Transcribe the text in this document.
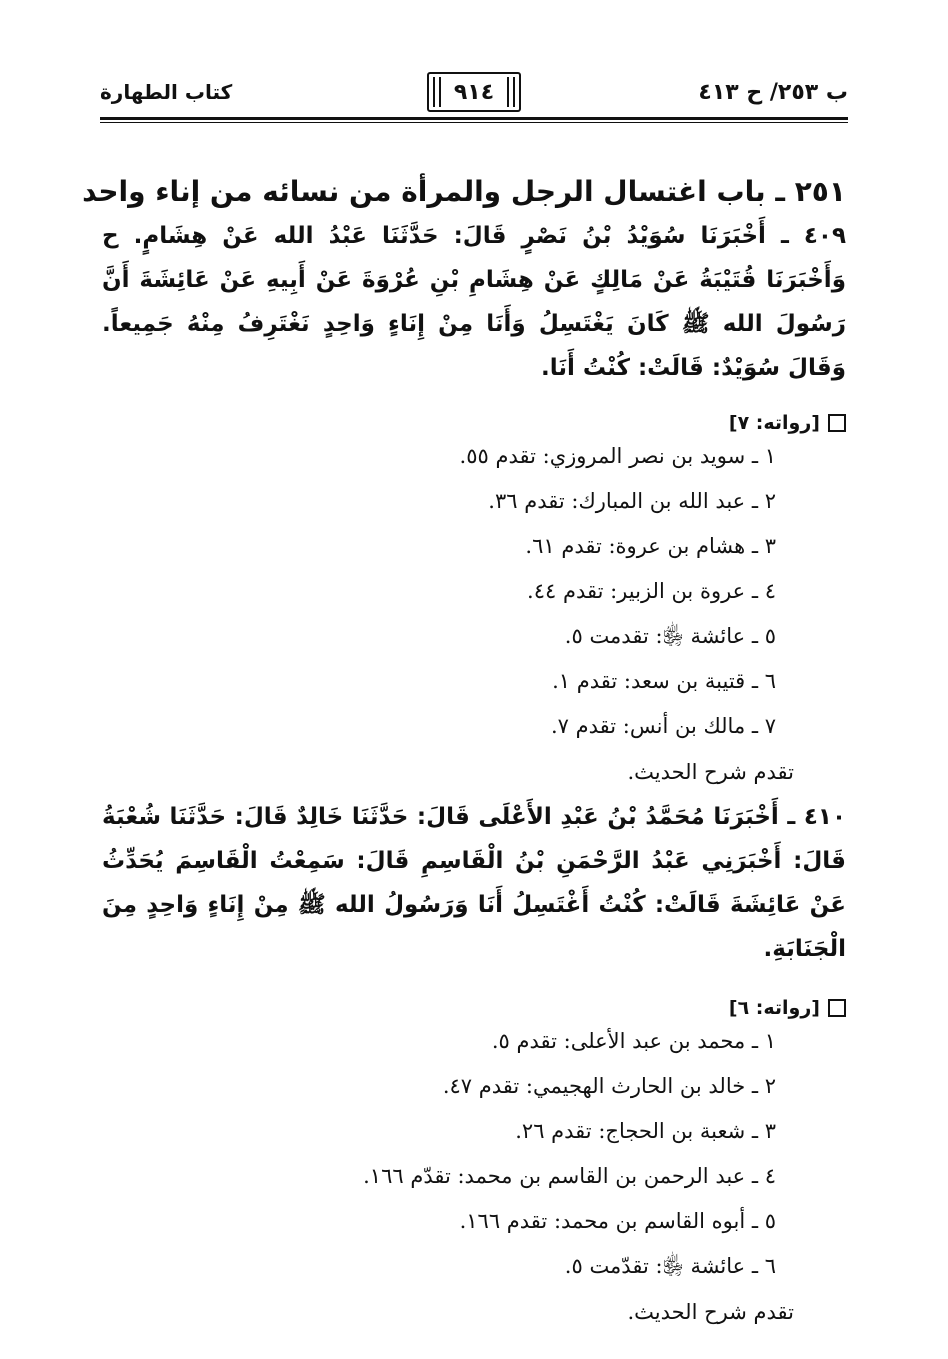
ب ٢٥٣/ ح ٤١٣
٩١٤
كتاب الطهارة
٢٥١ ـ باب اغتسال الرجل والمرأة من نسائه من إناء واحد
٤٠٩ ـ أَخْبَرَنَا سُوَيْدُ بْنُ نَصْرٍ قَالَ: حَدَّثَنَا عَبْدُ الله عَنْ هِشَامٍ. ح وَأَخْبَرَنَا قُتَيْبَةُ عَنْ مَالِكٍ عَنْ هِشَامِ بْنِ عُرْوَةَ عَنْ أَبِيهِ عَنْ عَائِشَةَ أَنَّ رَسُولَ الله ﷺ كَانَ يَغْتَسِلُ وَأَنَا مِنْ إِنَاءٍ وَاحِدٍ نَغْتَرِفُ مِنْهُ جَمِيعاً. وَقَالَ سُوَيْدٌ: قَالَتْ: كُنْتُ أَنَا.
[رواته: ٧]
١ ـ سويد بن نصر المروزي: تقدم ٥٥.
٢ ـ عبد الله بن المبارك: تقدم ٣٦.
٣ ـ هشام بن عروة: تقدم ٦١.
٤ ـ عروة بن الزبير: تقدم ٤٤.
٥ ـ عائشة ﵂: تقدمت ٥.
٦ ـ قتيبة بن سعد: تقدم ١.
٧ ـ مالك بن أنس: تقدم ٧.
تقدم شرح الحديث.
٤١٠ ـ أَخْبَرَنَا مُحَمَّدُ بْنُ عَبْدِ الأَعْلَى قَالَ: حَدَّثَنَا خَالِدٌ قَالَ: حَدَّثَنَا شُعْبَةُ قَالَ: أَخْبَرَنِي عَبْدُ الرَّحْمَنِ بْنُ الْقَاسِمِ قَالَ: سَمِعْتُ الْقَاسِمَ يُحَدِّثُ عَنْ عَائِشَةَ قَالَتْ: كُنْتُ أَغْتَسِلُ أَنَا وَرَسُولُ الله ﷺ مِنْ إِنَاءٍ وَاحِدٍ مِنَ الْجَنَابَةِ.
[رواته: ٦]
١ ـ محمد بن عبد الأعلى: تقدم ٥.
٢ ـ خالد بن الحارث الهجيمي: تقدم ٤٧.
٣ ـ شعبة بن الحجاج: تقدم ٢٦.
٤ ـ عبد الرحمن بن القاسم بن محمد: تقدّم ١٦٦.
٥ ـ أبوه القاسم بن محمد: تقدم ١٦٦.
٦ ـ عائشة ﵂: تقدّمت ٥.
تقدم شرح الحديث.
